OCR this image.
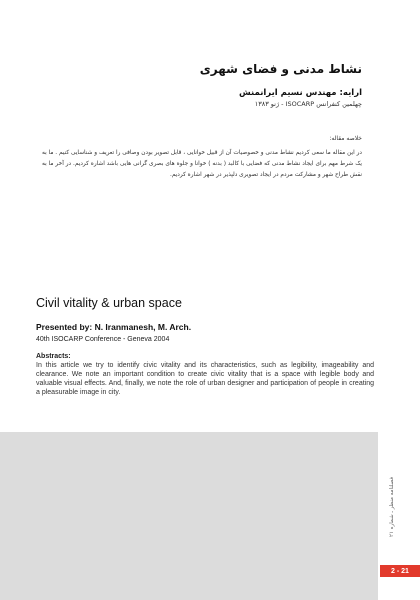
نشاط مدنی و فضای شهری

ارایه: مهندس نسیم ایرانمنش

چهلمین کنفرانس ISOCARP - ژنو ۱۳۸۳

خلاصه مقاله:
در این مقاله ما سعی کردیم نشاط مدنی و خصوصیات آن از قبیل خوانایی ، قابل تصویر بودن وصافی را تعریف و شناسایی کنیم . ما به یک شرط مهم برای ایجاد نشاط مدنی که فضایی با کالبد ( بدنه ) خوانا و جلوه های بصری گرانی هایی باشد اشاره کردیم. در آخر ما به نقش طراح شهر و مشارکت مردم در ایجاد تصویری دلپذیر در شهر اشاره کردیم.
Civil vitality & urban space

Presented by: N. Iranmanesh, M. Arch.

40th ISOCARP Conference - Geneva 2004

Abstracts:

In this article we try to identify civic vitality and its characteristics, such as legibility, imageability and clearance. We note an important condition to create civic vitality that is a space with legible body and valuable visual effects. And, finally, we note the role of urban designer and participation of people in creating a pleasurable image in city.

فصلنامه منظر ـ شماره ۲۱
2 - 21
